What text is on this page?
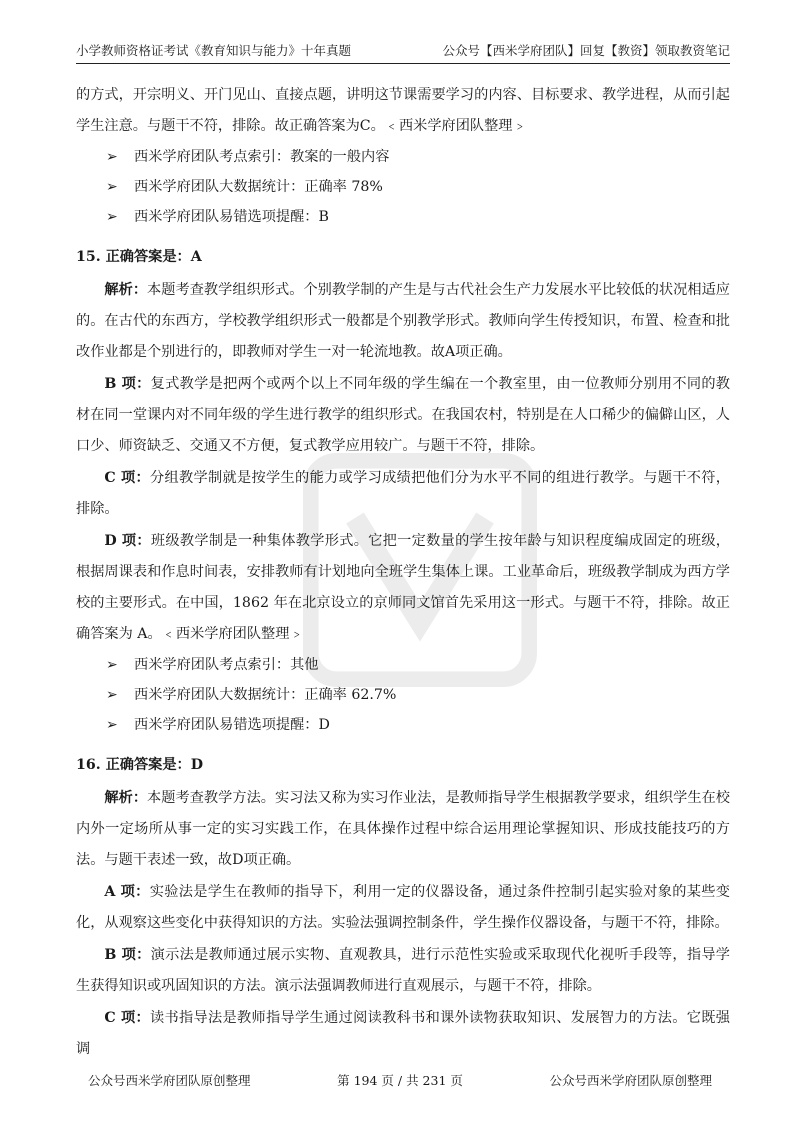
小学教师资格证考试《教育知识与能力》十年真题	公众号【西米学府团队】回复【教资】领取教资笔记

的方式，开宗明义、开门见山、直接点题，讲明这节课需要学习的内容、目标要求、教学进程，从而引起学生注意。与题干不符，排除。故正确答案为C。﹤西米学府团队整理﹥

➢ 西米学府团队考点索引：教案的一般内容

➢ 西米学府团队大数据统计：正确率 78%

➢ 西米学府团队易错选项提醒：B

15. 正确答案是：A

解析：本题考查教学组织形式。个别教学制的产生是与古代社会生产力发展水平比较低的状况相适应的。在古代的东西方，学校教学组织形式一般都是个别教学形式。教师向学生传授知识，布置、检查和批改作业都是个别进行的，即教师对学生一对一轮流地教。故A项正确。

B 项：复式教学是把两个或两个以上不同年级的学生编在一个教室里，由一位教师分别用不同的教材在同一堂课内对不同年级的学生进行教学的组织形式。在我国农村，特别是在人口稀少的偏僻山区，人口少、师资缺乏、交通又不方便，复式教学应用较广。与题干不符，排除。

C 项：分组教学制就是按学生的能力或学习成绩把他们分为水平不同的组进行教学。与题干不符，排除。

D 项：班级教学制是一种集体教学形式。它把一定数量的学生按年龄与知识程度编成固定的班级，根据周课表和作息时间表，安排教师有计划地向全班学生集体上课。工业革命后，班级教学制成为西方学校的主要形式。在中国，1862 年在北京设立的京师同文馆首先采用这一形式。与题干不符，排除。故正确答案为 A。﹤西米学府团队整理﹥

➢ 西米学府团队考点索引：其他

➢ 西米学府团队大数据统计：正确率 62.7%

➢ 西米学府团队易错选项提醒：D

16. 正确答案是：D

解析：本题考查教学方法。实习法又称为实习作业法，是教师指导学生根据教学要求，组织学生在校内外一定场所从事一定的实习实践工作，在具体操作过程中综合运用理论掌握知识、形成技能技巧的方法。与题干表述一致，故D项正确。

A 项：实验法是学生在教师的指导下，利用一定的仪器设备，通过条件控制引起实验对象的某些变化，从观察这些变化中获得知识的方法。实验法强调控制条件，学生操作仪器设备，与题干不符，排除。

B 项：演示法是教师通过展示实物、直观教具，进行示范性实验或采取现代化视听手段等，指导学生获得知识或巩固知识的方法。演示法强调教师进行直观展示，与题干不符，排除。

C 项：读书指导法是教师指导学生通过阅读教科书和课外读物获取知识、发展智力的方法。它既强调

公众号西米学府团队原创整理	第 194 页 / 共 231 页	公众号西米学府团队原创整理
